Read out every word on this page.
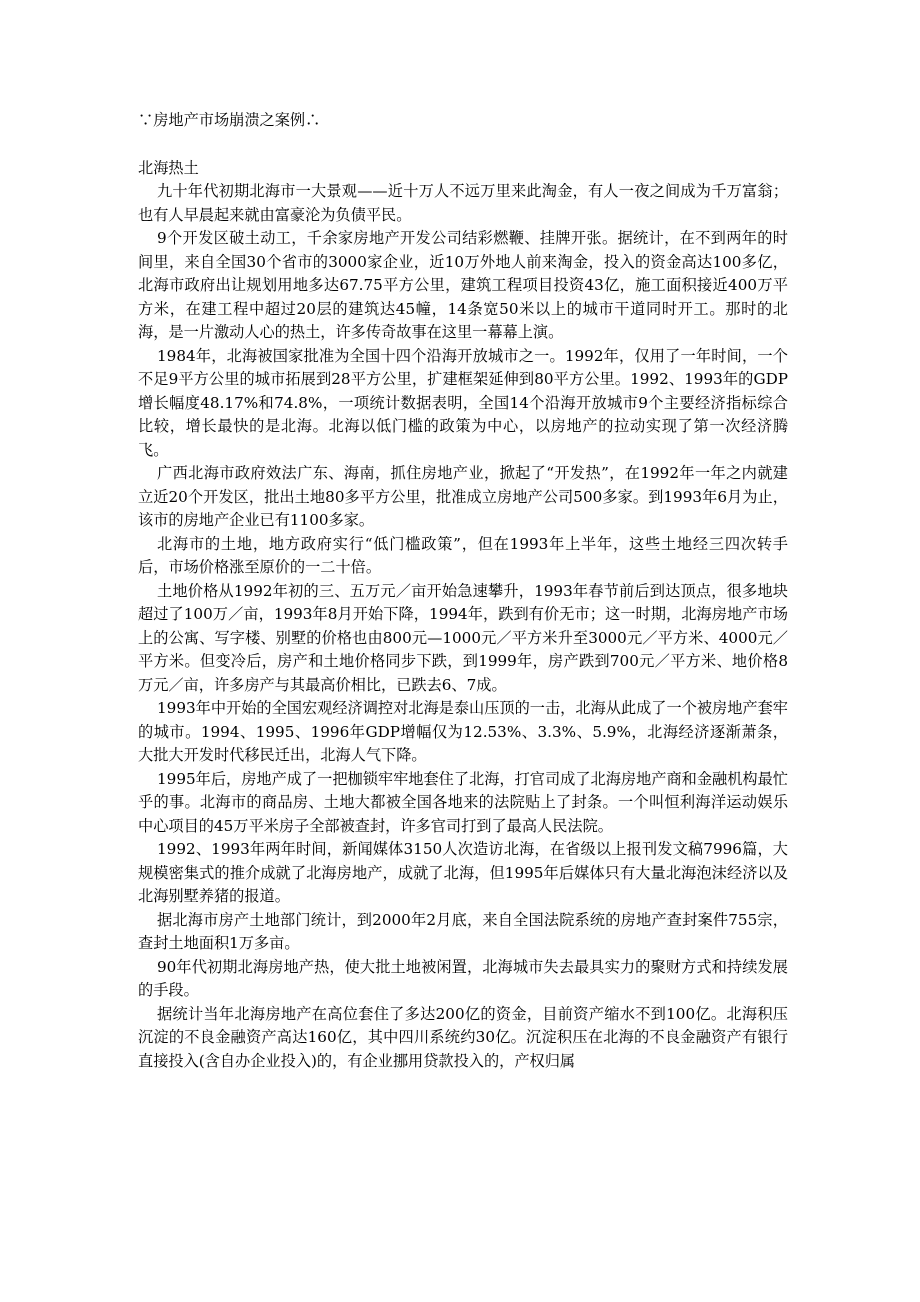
∵房地产市场崩溃之案例∴

北海热土

九十年代初期北海市一大景观——近十万人不远万里来此淘金，有人一夜之间成为千万富翁；也有人早晨起来就由富豪沦为负债平民。

9个开发区破土动工，千余家房地产开发公司结彩燃鞭、挂牌开张。据统计，在不到两年的时间里，来自全国30个省市的3000家企业，近10万外地人前来淘金，投入的资金高达100多亿，北海市政府出让规划用地多达67.75平方公里，建筑工程项目投资43亿，施工面积接近400万平方米，在建工程中超过20层的建筑达45幢，14条宽50米以上的城市干道同时开工。那时的北海，是一片激动人心的热土，许多传奇故事在这里一幕幕上演。

1984年，北海被国家批准为全国十四个沿海开放城市之一。1992年，仅用了一年时间，一个不足9平方公里的城市拓展到28平方公里，扩建框架延伸到80平方公里。1992、1993年的GDP增长幅度48.17%和74.8%，一项统计数据表明，全国14个沿海开放城市9个主要经济指标综合比较，增长最快的是北海。北海以低门槛的政策为中心，以房地产的拉动实现了第一次经济腾飞。

广西北海市政府效法广东、海南，抓住房地产业，掀起了“开发热”，在1992年一年之内就建立近20个开发区，批出土地80多平方公里，批准成立房地产公司500多家。到1993年6月为止，该市的房地产企业已有1100多家。

北海市的土地，地方政府实行“低门槛政策”，但在1993年上半年，这些土地经三四次转手后，市场价格涨至原价的一二十倍。

土地价格从1992年初的三、五万元／亩开始急速攀升，1993年春节前后到达顶点，很多地块超过了100万／亩，1993年8月开始下降，1994年，跌到有价无市；这一时期，北海房地产市场上的公寓、写字楼、别墅的价格也由800元—1000元／平方米升至3000元／平方米、4000元／平方米。但变冷后，房产和土地价格同步下跌，到1999年，房产跌到700元／平方米、地价格8万元／亩，许多房产与其最高价相比，已跌去6、7成。

1993年中开始的全国宏观经济调控对北海是泰山压顶的一击，北海从此成了一个被房地产套牢的城市。1994、1995、1996年GDP增幅仅为12.53%、3.3%、5.9%，北海经济逐渐萧条，大批大开发时代移民迁出，北海人气下降。

1995年后，房地产成了一把枷锁牢牢地套住了北海，打官司成了北海房地产商和金融机构最忙乎的事。北海市的商品房、土地大都被全国各地来的法院贴上了封条。一个叫恒利海洋运动娱乐中心项目的45万平米房子全部被查封，许多官司打到了最高人民法院。

1992、1993年两年时间，新闻媒体3150人次造访北海，在省级以上报刊发文稿7996篇，大规模密集式的推介成就了北海房地产，成就了北海，但1995年后媒体只有大量北海泡沫经济以及北海别墅养猪的报道。

据北海市房产土地部门统计，到2000年2月底，来自全国法院系统的房地产查封案件755宗，查封土地面积1万多亩。

90年代初期北海房地产热，使大批土地被闲置，北海城市失去最具实力的聚财方式和持续发展的手段。

据统计当年北海房地产在高位套住了多达200亿的资金，目前资产缩水不到100亿。北海积压沉淀的不良金融资产高达160亿，其中四川系统约30亿。沉淀积压在北海的不良金融资产有银行直接投入(含自办企业投入)的，有企业挪用贷款投入的，产权归属
